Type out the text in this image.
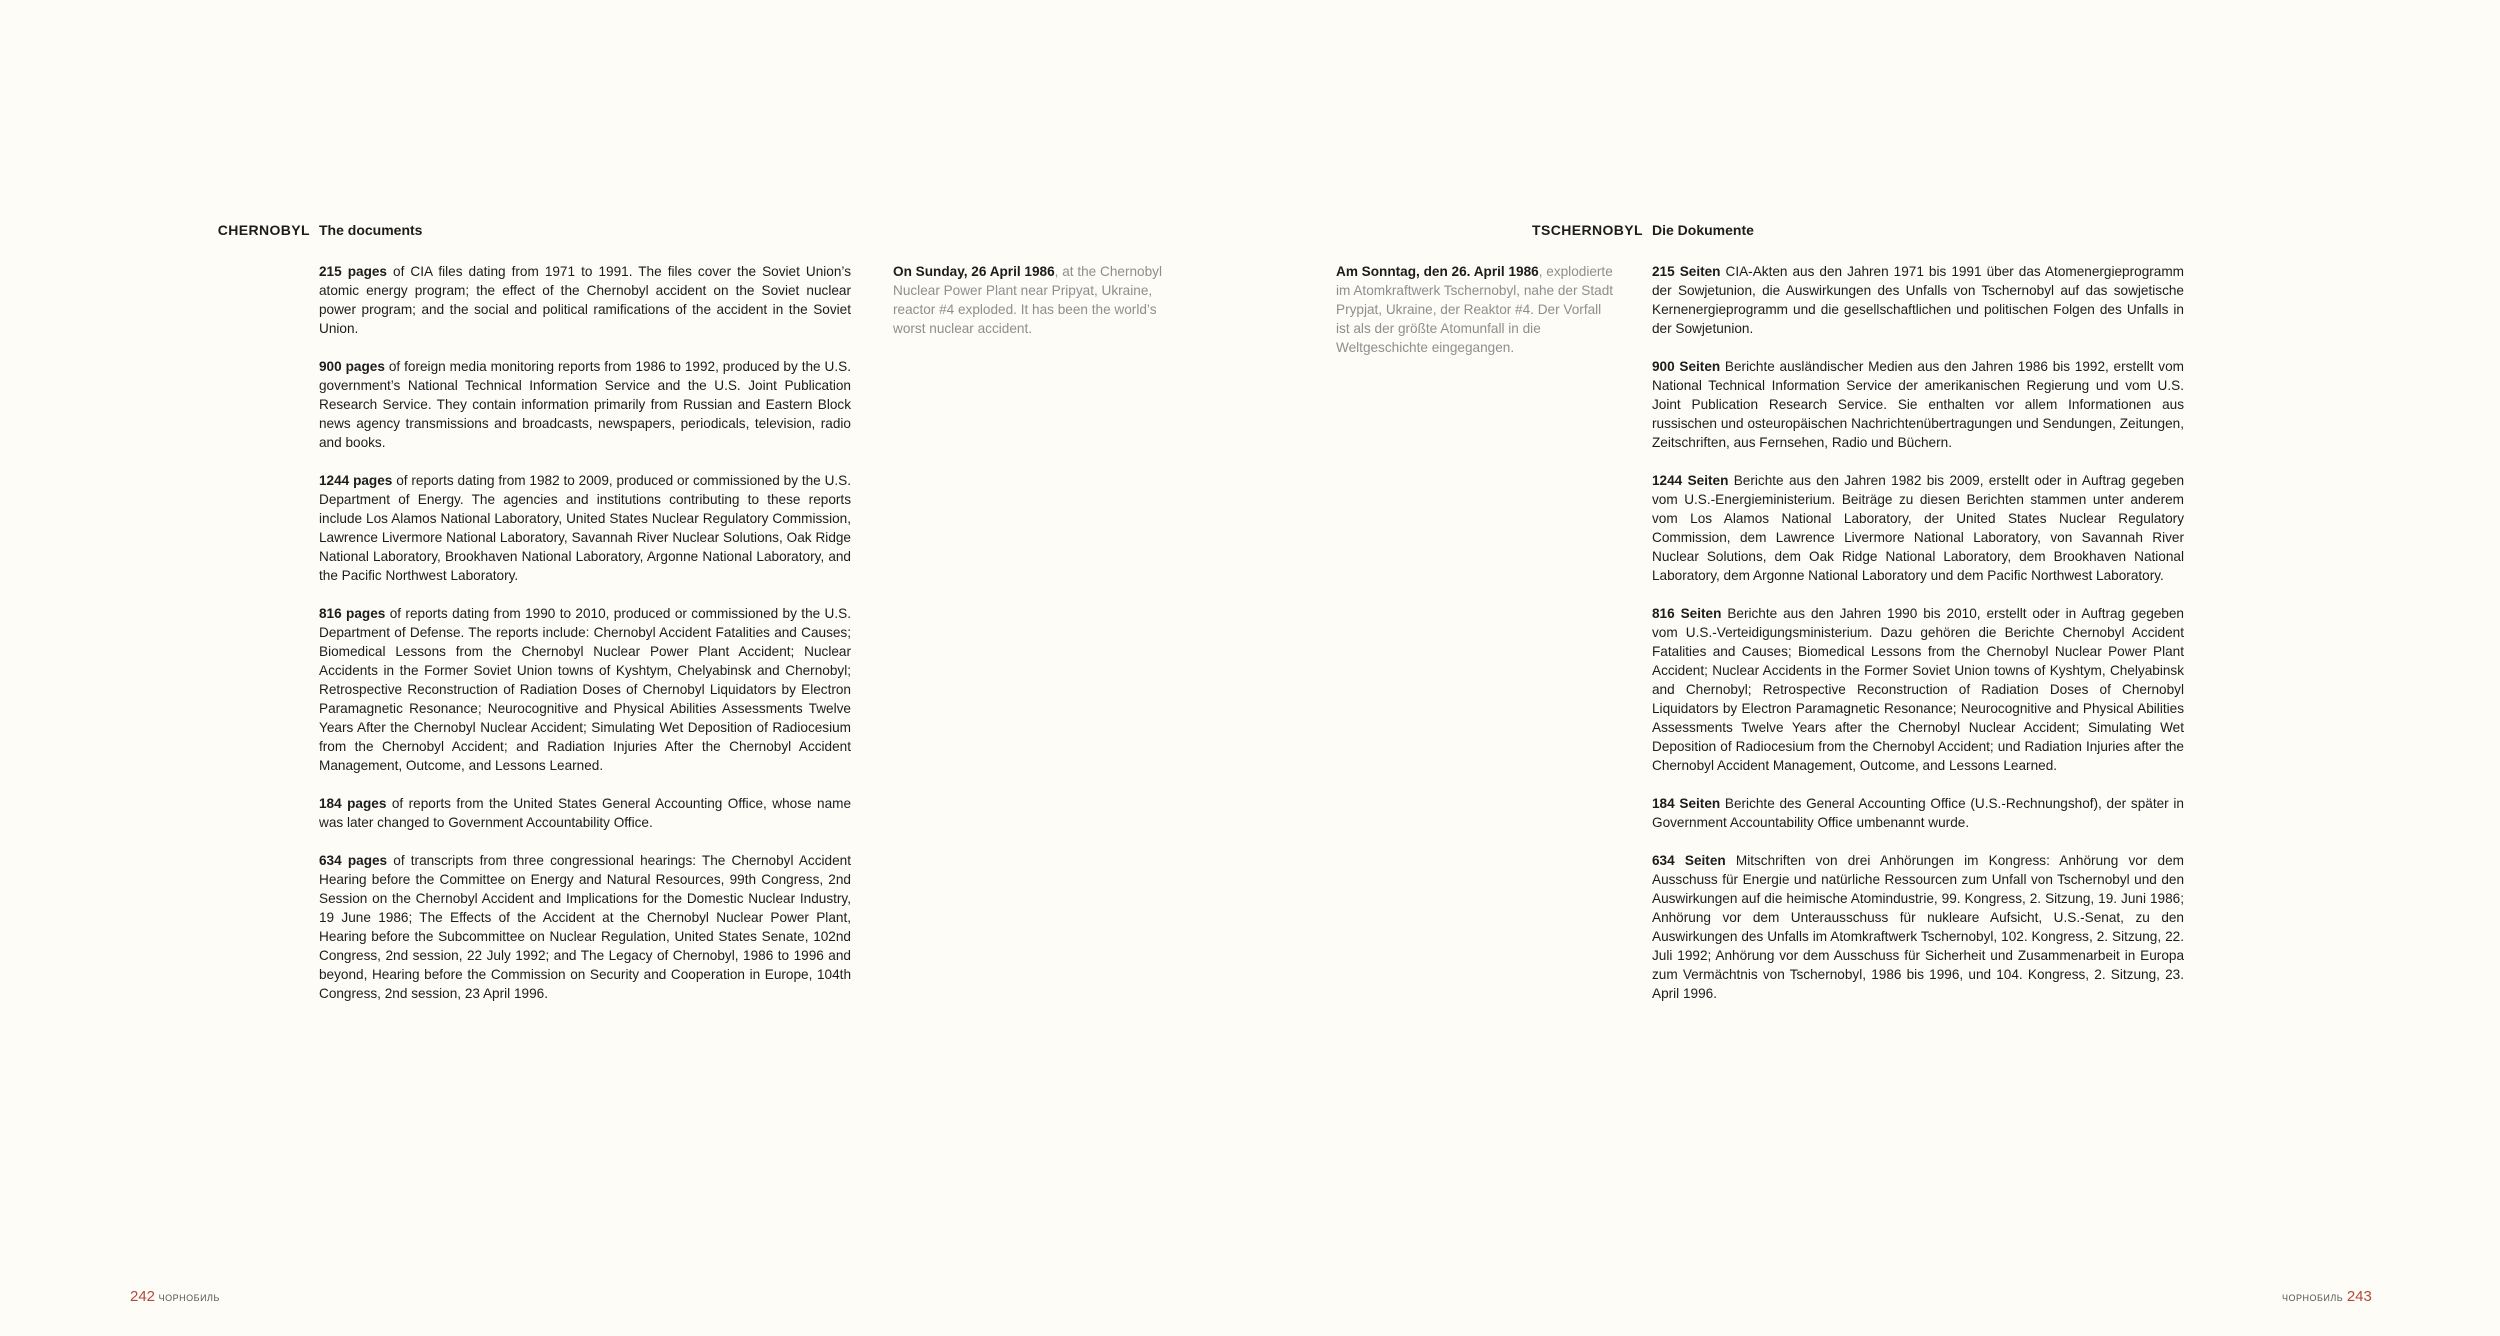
CHERNOBYL The documents

215 pages of CIA files dating from 1971 to 1991. The files cover the Soviet Union’s atomic energy program; the effect of the Chernobyl accident on the Soviet nuclear power program; and the social and political ramifications of the accident in the Soviet Union.

900 pages of foreign media monitoring reports from 1986 to 1992, produced by the U.S. government’s National Technical Information Service and the U.S. Joint Publication Research Service. They contain information primarily from Russian and Eastern Block news agency transmissions and broadcasts, newspapers, periodicals, television, radio and books.

1244 pages of reports dating from 1982 to 2009, produced or commissioned by the U.S. Department of Energy. The agencies and institutions contributing to these reports include Los Alamos National Laboratory, United States Nuclear Regulatory Commission, Lawrence Livermore National Laboratory, Savannah River Nuclear Solutions, Oak Ridge National Laboratory, Brookhaven National Laboratory, Argonne National Laboratory, and the Pacific Northwest Laboratory.

816 pages of reports dating from 1990 to 2010, produced or commissioned by the U.S. Department of Defense. The reports include: Chernobyl Accident Fatalities and Causes; Biomedical Lessons from the Chernobyl Nuclear Power Plant Accident; Nuclear Accidents in the Former Soviet Union towns of Kyshtym, Chelyabinsk and Chernobyl; Retrospective Reconstruction of Radiation Doses of Chernobyl Liquidators by Electron Paramagnetic Resonance; Neurocognitive and Physical Abilities Assessments Twelve Years After the Chernobyl Nuclear Accident; Simulating Wet Deposition of Radiocesium from the Chernobyl Accident; and Radiation Injuries After the Chernobyl Accident Management, Outcome, and Lessons Learned.

184 pages of reports from the United States General Accounting Office, whose name was later changed to Government Accountability Office.

634 pages of transcripts from three congressional hearings: The Chernobyl Accident Hearing before the Committee on Energy and Natural Resources, 99th Congress, 2nd Session on the Chernobyl Accident and Implications for the Domestic Nuclear Industry, 19 June 1986; The Effects of the Accident at the Chernobyl Nuclear Power Plant, Hearing before the Subcommittee on Nuclear Regulation, United States Senate, 102nd Congress, 2nd session, 22 July 1992; and The Legacy of Chernobyl, 1986 to 1996 and beyond, Hearing before the Commission on Security and Cooperation in Europe, 104th Congress, 2nd session, 23 April 1996.

On Sunday, 26 April 1986, at the Chernobyl Nuclear Power Plant near Pripyat, Ukraine, reactor #4 exploded. It has been the world’s worst nuclear accident.
242 ЧОРНОБИЛЬ
TSCHERNOBYL Die Dokumente
Am Sonntag, den 26. April 1986, explodierte im Atomkraftwerk Tschernobyl, nahe der Stadt Prypjat, Ukraine, der Reaktor #4. Der Vorfall ist als der größte Atomunfall in die Weltgeschichte eingegangen.

215 Seiten CIA-Akten aus den Jahren 1971 bis 1991 über das Atomenergieprogramm der Sowjetunion, die Auswirkungen des Unfalls von Tschernobyl auf das sowjetische Kernenergieprogramm und die gesellschaftlichen und politischen Folgen des Unfalls in der Sowjetunion.

900 Seiten Berichte ausländischer Medien aus den Jahren 1986 bis 1992, erstellt vom National Technical Information Service der amerikanischen Regierung und vom U.S. Joint Publication Research Service. Sie enthalten vor allem Informationen aus russischen und osteuropäischen Nachrichtenübertragungen und Sendungen, Zeitungen, Zeitschriften, aus Fernsehen, Radio und Büchern.

1244 Seiten Berichte aus den Jahren 1982 bis 2009, erstellt oder in Auftrag gegeben vom U.S.-Energieministerium. Beiträge zu diesen Berichten stammen unter anderem vom Los Alamos National Laboratory, der United States Nuclear Regulatory Commission, dem Lawrence Livermore National Laboratory, von Savannah River Nuclear Solutions, dem Oak Ridge National Laboratory, dem Brookhaven National Laboratory, dem Argonne National Laboratory und dem Pacific Northwest Laboratory.

816 Seiten Berichte aus den Jahren 1990 bis 2010, erstellt oder in Auftrag gegeben vom U.S.-Verteidigungsministerium. Dazu gehören die Berichte Chernobyl Accident Fatalities and Causes; Biomedical Lessons from the Chernobyl Nuclear Power Plant Accident; Nuclear Accidents in the Former Soviet Union towns of Kyshtym, Chelyabinsk and Chernobyl; Retrospective Reconstruction of Radiation Doses of Chernobyl Liquidators by Electron Paramagnetic Resonance; Neurocognitive and Physical Abilities Assessments Twelve Years after the Chernobyl Nuclear Accident; Simulating Wet Deposition of Radiocesium from the Chernobyl Accident; und Radiation Injuries after the Chernobyl Accident Management, Outcome, and Lessons Learned.

184 Seiten Berichte des General Accounting Office (U.S.-Rechnungshof), der später in Government Accountability Office umbenannt wurde.

634 Seiten Mitschriften von drei Anhörungen im Kongress: Anhörung vor dem Ausschuss für Energie und natürliche Ressourcen zum Unfall von Tschernobyl und den Auswirkungen auf die heimische Atomindustrie, 99. Kongress, 2. Sitzung, 19. Juni 1986; Anhörung vor dem Unterausschuss für nukleare Aufsicht, U.S.-Senat, zu den Auswirkungen des Unfalls im Atomkraftwerk Tschernobyl, 102. Kongress, 2. Sitzung, 22. Juli 1992; Anhörung vor dem Ausschuss für Sicherheit und Zusammenarbeit in Europa zum Vermächtnis von Tschernobyl, 1986 bis 1996, und 104. Kongress, 2. Sitzung, 23. April 1996.

ЧОРНОБИЛЬ 243
